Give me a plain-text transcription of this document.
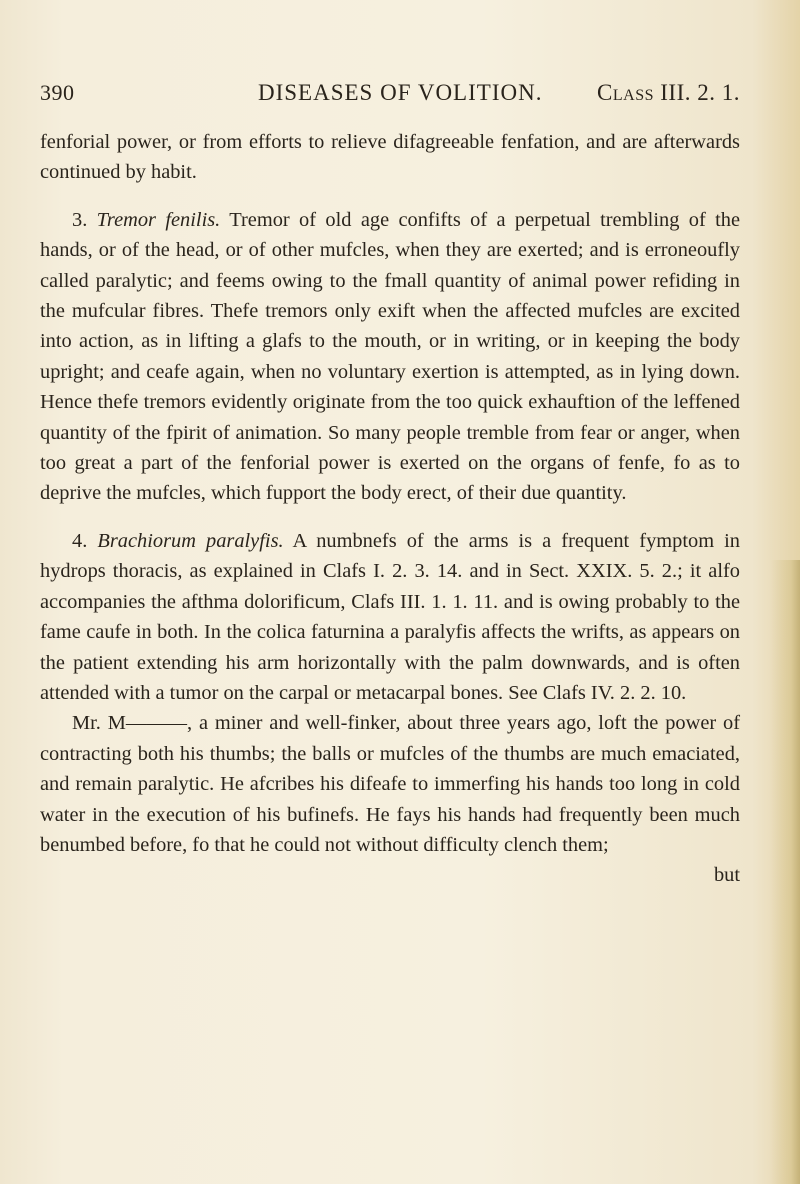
390	DISEASES OF VOLITION. Class III. 2. 1.

fenforial power, or from efforts to relieve difagreeable fenfation, and are afterwards continued by habit.

3. Tremor fenilis. Tremor of old age confifts of a perpetual trembling of the hands, or of the head, or of other mufcles, when they are exerted; and is erroneoufly called paralytic; and feems owing to the fmall quantity of animal power refiding in the mufcular fibres. Thefe tremors only exift when the affected mufcles are excited into action, as in lifting a glafs to the mouth, or in writing, or in keeping the body upright; and ceafe again, when no voluntary exertion is attempted, as in lying down. Hence thefe tremors evidently originate from the too quick exhauftion of the leffened quantity of the fpirit of animation. So many people tremble from fear or anger, when too great a part of the fenforial power is exerted on the organs of fenfe, fo as to deprive the mufcles, which fupport the body erect, of their due quantity.

4. Brachiorum paralyfis. A numbnefs of the arms is a frequent fymptom in hydrops thoracis, as explained in Clafs I. 2. 3. 14. and in Sect. XXIX. 5. 2.; it alfo accompanies the afthma dolorificum, Clafs III. 1. 1. 11. and is owing probably to the fame caufe in both. In the colica faturnina a paralyfis affects the wrifts, as appears on the patient extending his arm horizontally with the palm downwards, and is often attended with a tumor on the carpal or metacarpal bones. See Clafs IV. 2. 2. 10.

Mr. M———, a miner and well-finker, about three years ago, loft the power of contracting both his thumbs; the balls or mufcles of the thumbs are much emaciated, and remain paralytic. He afcribes his difeafe to immerfing his hands too long in cold water in the execution of his bufinefs. He fays his hands had frequently been much benumbed before, fo that he could not without difficulty clench them;

but
